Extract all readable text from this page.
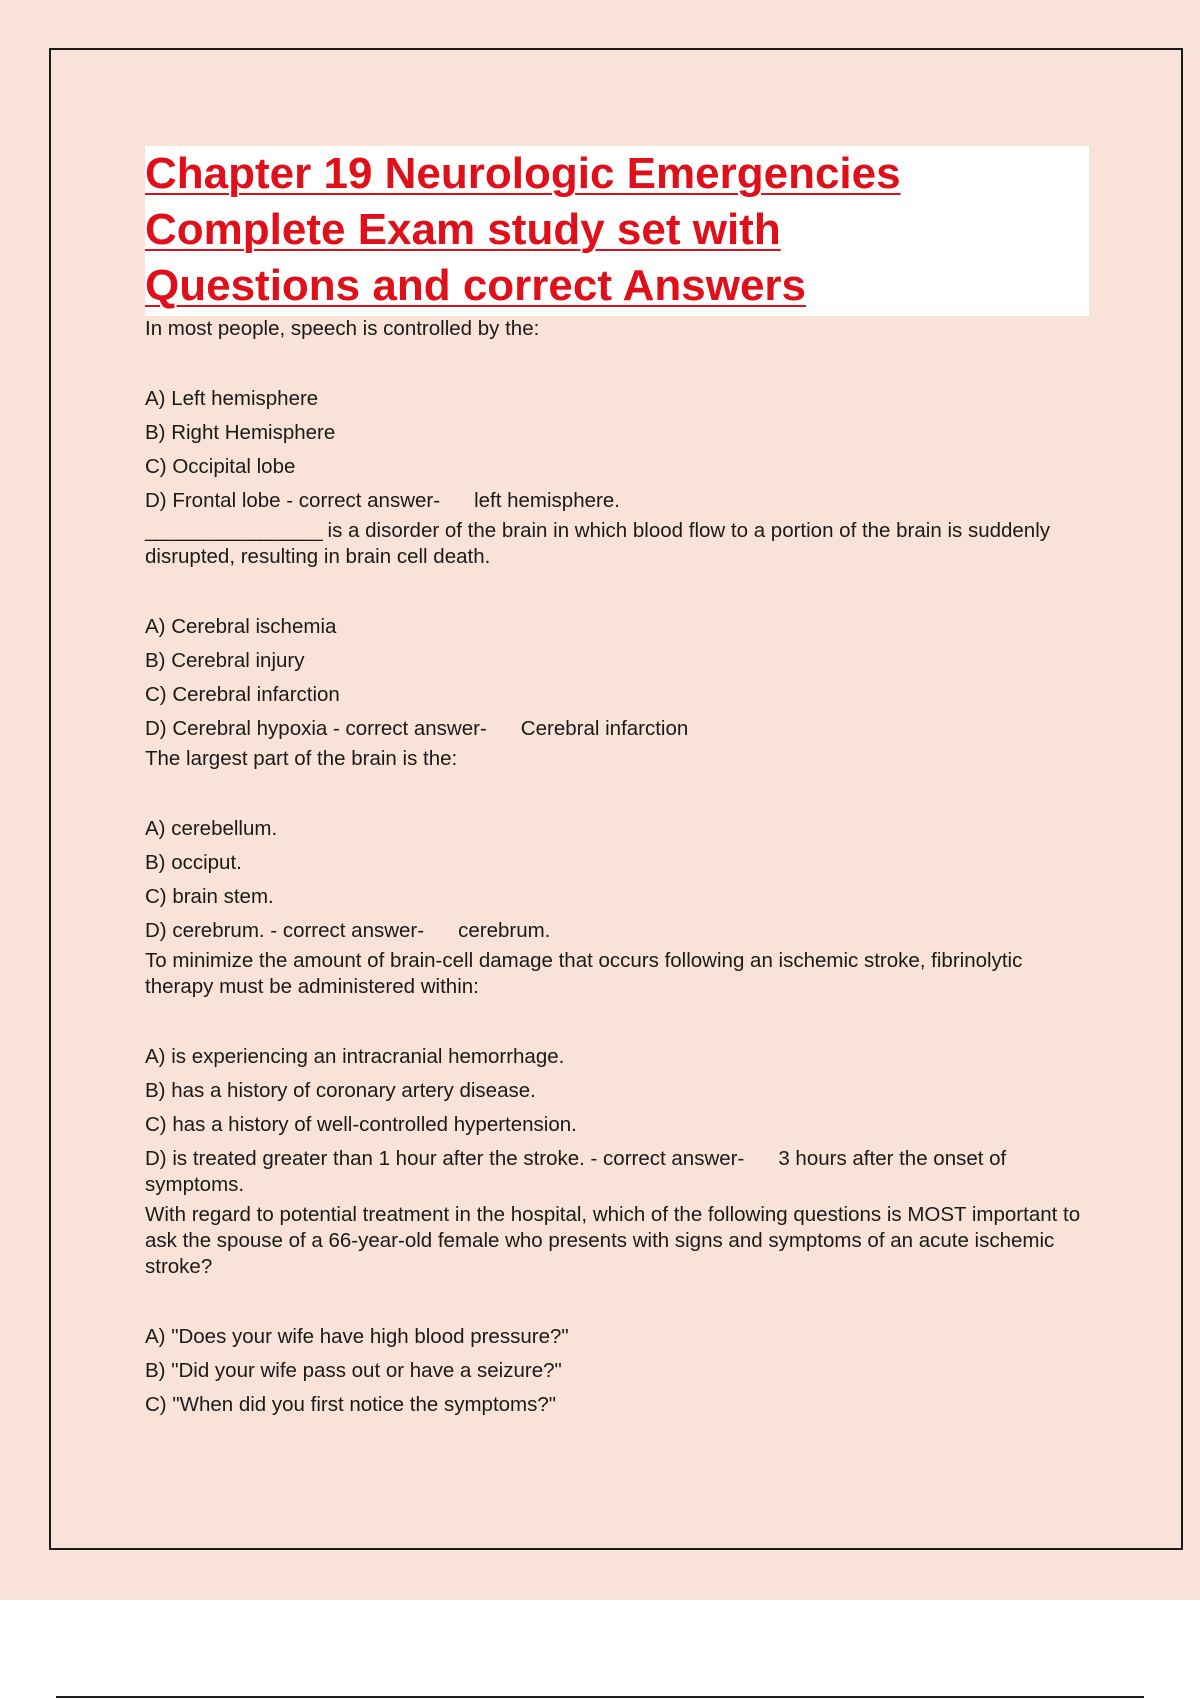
Chapter 19 Neurologic Emergencies
Complete Exam study set with
Questions and correct Answers

In most people, speech is controlled by the:

A) Left hemisphere
B) Right Hemisphere
C) Occipital lobe
D) Frontal lobe - correct answer- left hemisphere.

_________________ is a disorder of the brain in which blood flow to a portion of the brain is suddenly disrupted, resulting in brain cell death.

A) Cerebral ischemia
B) Cerebral injury
C) Cerebral infarction
D) Cerebral hypoxia - correct answer- Cerebral infarction

The largest part of the brain is the:

A) cerebellum.
B) occiput.
C) brain stem.
D) cerebrum. - correct answer- cerebrum.

To minimize the amount of brain-cell damage that occurs following an ischemic stroke, fibrinolytic therapy must be administered within:

A) is experiencing an intracranial hemorrhage.
B) has a history of coronary artery disease.
C) has a history of well-controlled hypertension.
D) is treated greater than 1 hour after the stroke. - correct answer- 3 hours after the onset of symptoms.

With regard to potential treatment in the hospital, which of the following questions is MOST important to ask the spouse of a 66-year-old female who presents with signs and symptoms of an acute ischemic stroke?

A) "Does your wife have high blood pressure?"
B) "Did your wife pass out or have a seizure?"
C) "When did you first notice the symptoms?"
